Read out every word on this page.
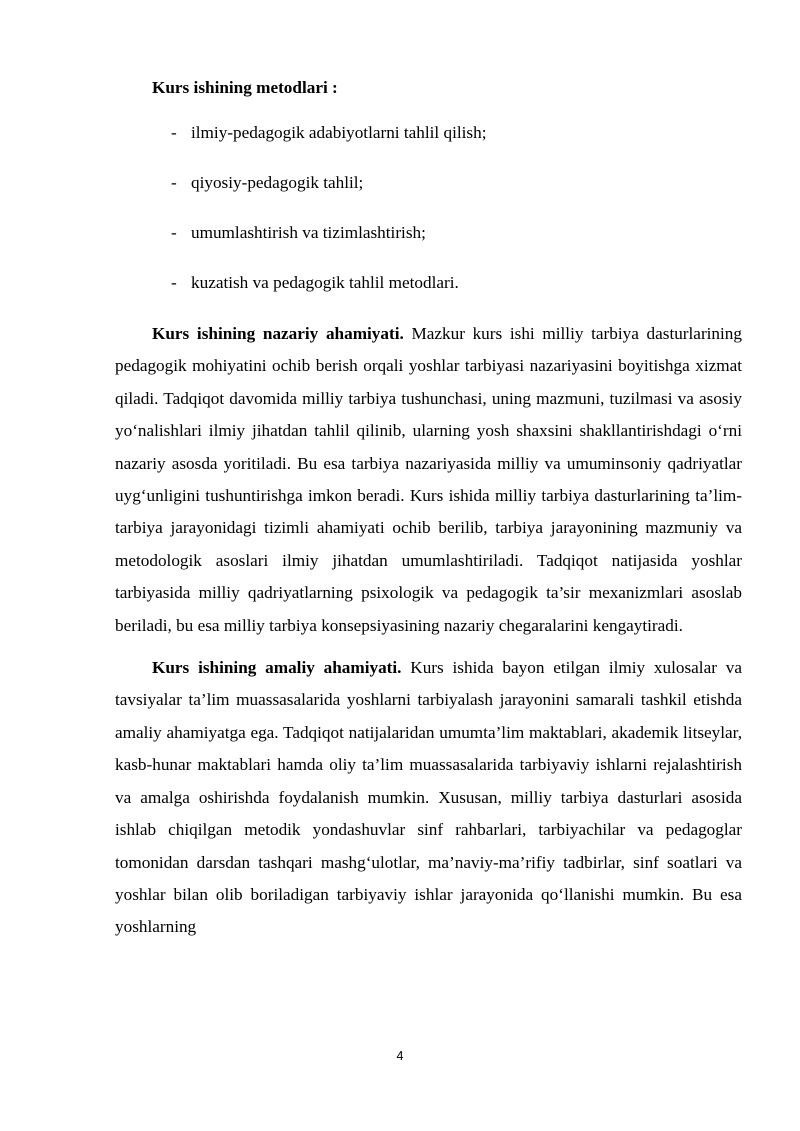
Kurs ishining metodlari :

- ilmiy-pedagogik adabiyotlarni tahlil qilish;
- qiyosiy-pedagogik tahlil;
- umumlashtirish va tizimlashtirish;
- kuzatish va pedagogik tahlil metodlari.

Kurs ishining nazariy ahamiyati. Mazkur kurs ishi milliy tarbiya dasturlarining pedagogik mohiyatini ochib berish orqali yoshlar tarbiyasi nazariyasini boyitishga xizmat qiladi. Tadqiqot davomida milliy tarbiya tushunchasi, uning mazmuni, tuzilmasi va asosiy yoʻnalishlari ilmiy jihatdan tahlil qilinib, ularning yosh shaxsini shakllantirishdagi oʻrni nazariy asosda yoritiladi. Bu esa tarbiya nazariyasida milliy va umuminsoniy qadriyatlar uygʻunligini tushuntirishga imkon beradi. Kurs ishida milliy tarbiya dasturlarining ta’lim-tarbiya jarayonidagi tizimli ahamiyati ochib berilib, tarbiya jarayonining mazmuniy va metodologik asoslari ilmiy jihatdan umumlashtiriladi. Tadqiqot natijasida yoshlar tarbiyasida milliy qadriyatlarning psixologik va pedagogik ta’sir mexanizmlari asoslab beriladi, bu esa milliy tarbiya konsepsiyasining nazariy chegaralarini kengaytiradi.

Kurs ishining amaliy ahamiyati. Kurs ishida bayon etilgan ilmiy xulosalar va tavsiyalar ta’lim muassasalarida yoshlarni tarbiyalash jarayonini samarali tashkil etishda amaliy ahamiyatga ega. Tadqiqot natijalaridan umumta’lim maktablari, akademik litseylar, kasb-hunar maktablari hamda oliy ta’lim muassasalarida tarbiyaviy ishlarni rejalashtirish va amalga oshirishda foydalanish mumkin. Xususan, milliy tarbiya dasturlari asosida ishlab chiqilgan metodik yondashuvlar sinf rahbarlari, tarbiyachilar va pedagoglar tomonidan darsdan tashqari mashgʻulotlar, ma’naviy-ma’rifiy tadbirlar, sinf soatlari va yoshlar bilan olib boriladigan tarbiyaviy ishlar jarayonida qoʻllanishi mumkin. Bu esa yoshlarning

4
